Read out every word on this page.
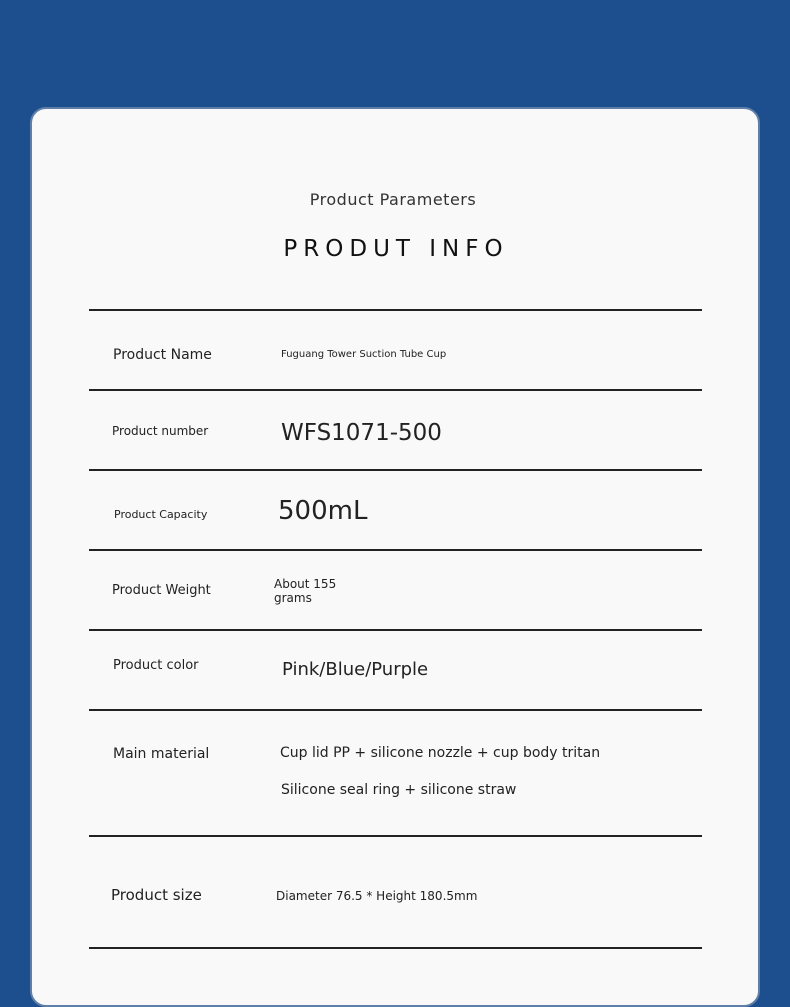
Product Parameters
PRODUT INFO
Product Name	Fuguang Tower Suction Tube Cup
Product number	WFS1071-500
Product Capacity	500mL
Product Weight	About 155
grams
Product color	Pink/Blue/Purple
Main material	Cup lid PP + silicone nozzle + cup body tritan
Silicone seal ring + silicone straw
Product size	Diameter 76.5 * Height 180.5mm
